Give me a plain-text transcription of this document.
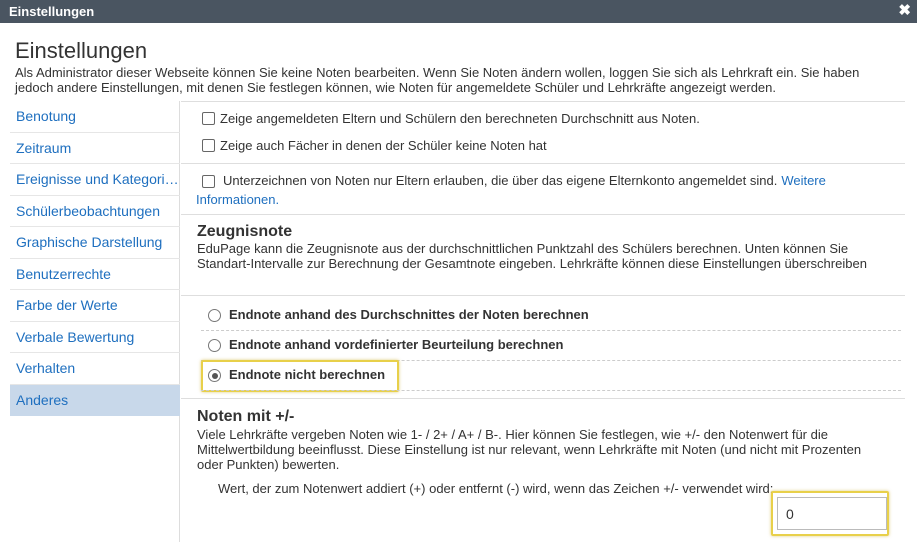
Einstellungen	✖
Einstellungen
Als Administrator dieser Webseite können Sie keine Noten bearbeiten. Wenn Sie Noten ändern wollen, loggen Sie sich als Lehrkraft ein. Sie haben jedoch andere Einstellungen, mit denen Sie festlegen können, wie Noten für angemeldete Schüler und Lehrkräfte angezeigt werden.
Benotung
Zeitraum
Ereignisse und Kategorien
Schülerbeobachtungen
Graphische Darstellung
Benutzerrechte
Farbe der Werte
Verbale Bewertung
Verhalten
Anderes
Zeige angemeldeten Eltern und Schülern den berechneten Durchschnitt aus Noten.
Zeige auch Fächer in denen der Schüler keine Noten hat
Unterzeichnen von Noten nur Eltern erlauben, die über das eigene Elternkonto angemeldet sind. Weitere
Informationen.
Zeugnisnote
EduPage kann die Zeugnisnote aus der durchschnittlichen Punktzahl des Schülers berechnen. Unten können Sie Standart-Intervalle zur Berechnung der Gesamtnote eingeben. Lehrkräfte können diese Einstellungen überschreiben
Endnote anhand des Durchschnittes der Noten berechnen
Endnote anhand vordefinierter Beurteilung berechnen
Endnote nicht berechnen
Noten mit +/-
Viele Lehrkräfte vergeben Noten wie 1- / 2+ / A+ / B-. Hier können Sie festlegen, wie +/- den Notenwert für die Mittelwertbildung beeinflusst. Diese Einstellung ist nur relevant, wenn Lehrkräfte mit Noten (und nicht mit Prozenten oder Punkten) bewerten.
Wert, der zum Notenwert addiert (+) oder entfernt (-) wird, wenn das Zeichen +/- verwendet wird:
0
